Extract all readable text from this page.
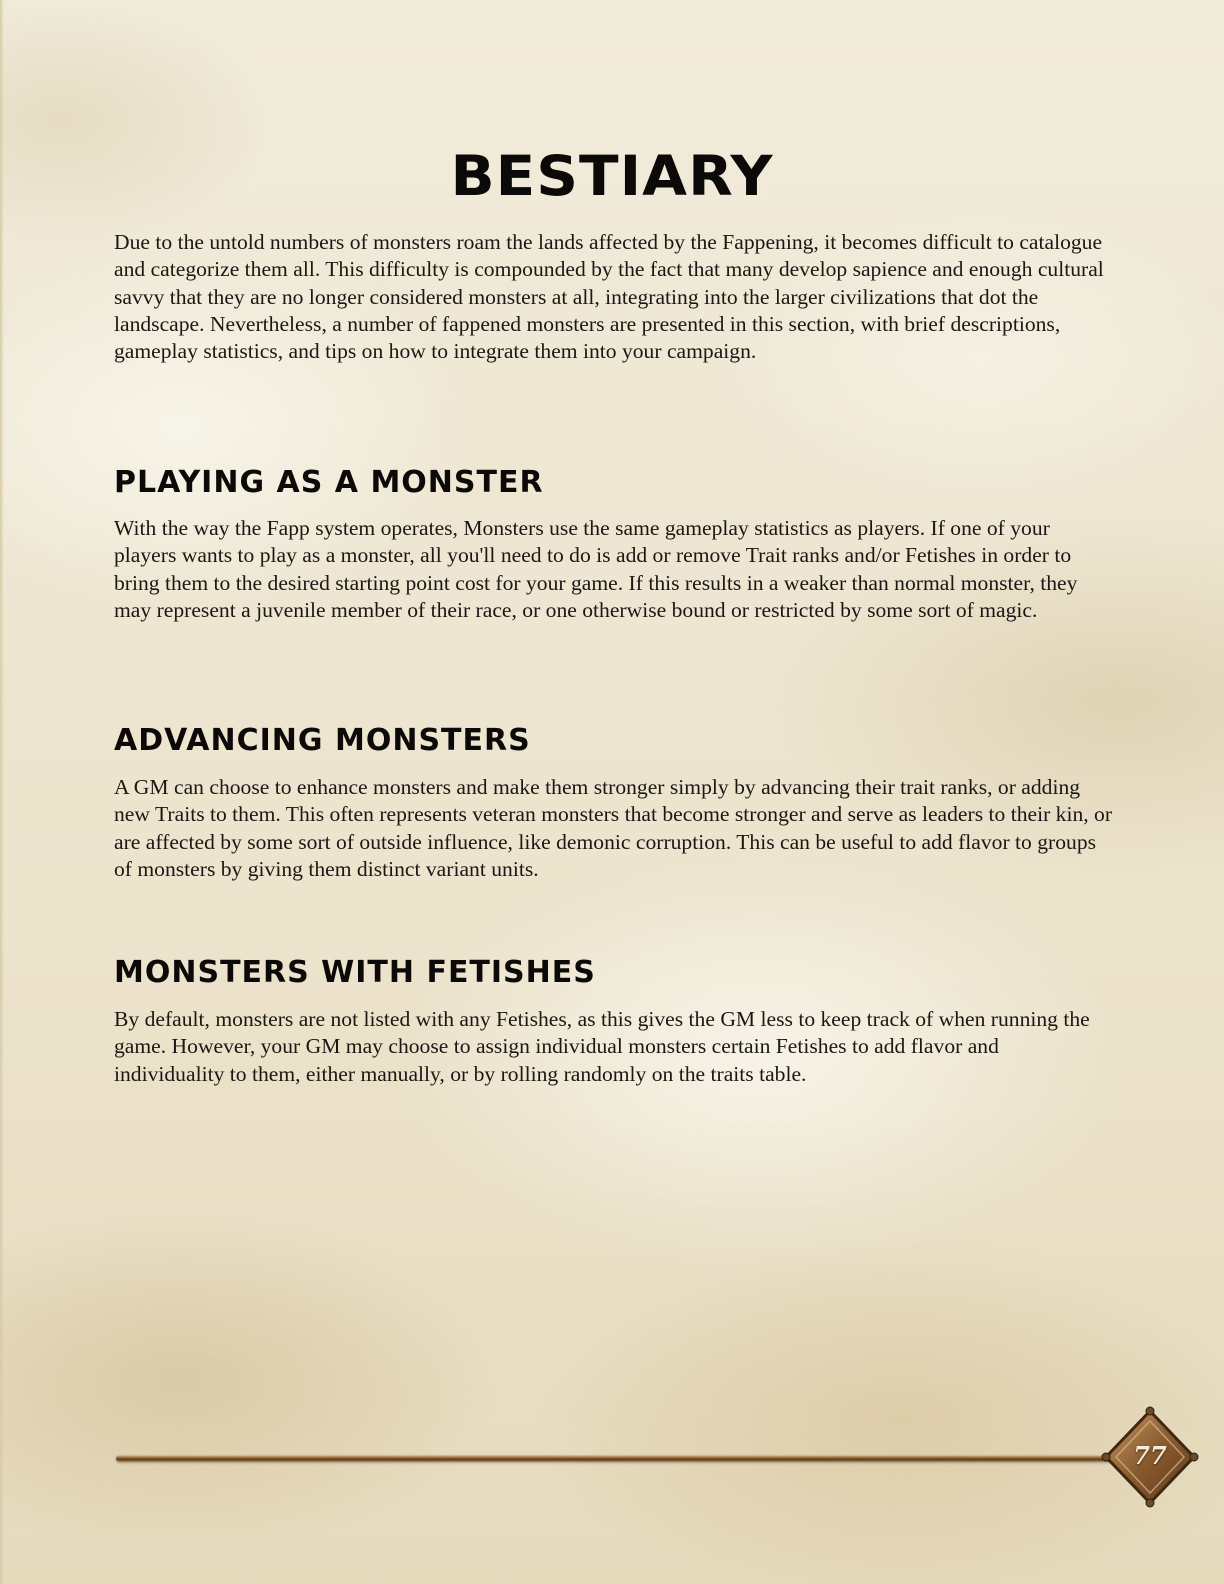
BESTIARY
Due to the untold numbers of monsters roam the lands affected by the Fappening, it becomes difficult to catalogue and categorize them all. This difficulty is compounded by the fact that many develop sapience and enough cultural savvy that they are no longer considered monsters at all, integrating into the larger civilizations that dot the landscape. Nevertheless, a number of fappened monsters are presented in this section, with brief descriptions, gameplay statistics, and tips on how to integrate them into your campaign.
PLAYING AS A MONSTER
With the way the Fapp system operates, Monsters use the same gameplay statistics as players. If one of your players wants to play as a monster, all you'll need to do is add or remove Trait ranks and/or Fetishes in order to bring them to the desired starting point cost for your game. If this results in a weaker than normal monster, they may represent a juvenile member of their race, or one otherwise bound or restricted by some sort of magic.
ADVANCING MONSTERS
A GM can choose to enhance monsters and make them stronger simply by advancing their trait ranks, or adding new Traits to them. This often represents veteran monsters that become stronger and serve as leaders to their kin, or are affected by some sort of outside influence, like demonic corruption. This can be useful to add flavor to groups of monsters by giving them distinct variant units.
MONSTERS WITH FETISHES
By default, monsters are not listed with any Fetishes, as this gives the GM less to keep track of when running the game. However, your GM may choose to assign individual monsters certain Fetishes to add flavor and individuality to them, either manually, or by rolling randomly on the traits table.
77
